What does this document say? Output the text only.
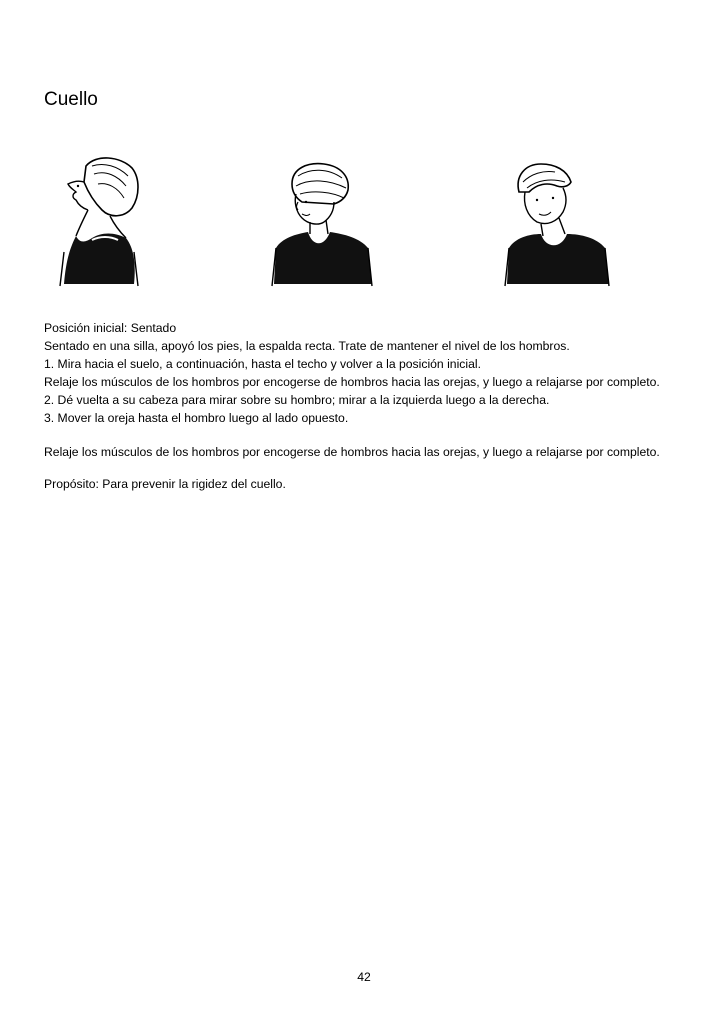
Cuello
Posición inicial: Sentado
Sentado en una silla, apoyó los pies, la espalda recta. Trate de mantener el nivel de los hombros.
1. Mira hacia el suelo, a continuación, hasta el techo y volver a la posición inicial.
Relaje los músculos de los hombros por encogerse de hombros hacia las orejas, y luego a relajarse por completo.
2. Dé vuelta a su cabeza para mirar sobre su hombro; mirar a la izquierda luego a la derecha.
3. Mover la oreja hasta el hombro luego al lado opuesto.
Relaje los músculos de los hombros por encogerse de hombros hacia las orejas, y luego a relajarse por completo.
Propósito: Para prevenir la rigidez del cuello.
42
